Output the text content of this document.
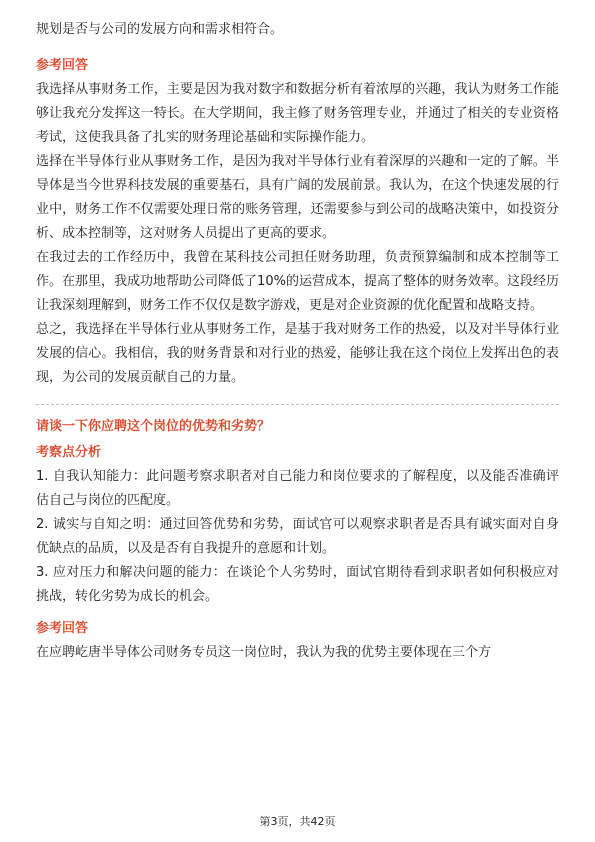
规划是否与公司的发展方向和需求相符合。

参考回答

我选择从事财务工作，主要是因为我对数字和数据分析有着浓厚的兴趣，我认为财务工作能够让我充分发挥这一特长。在大学期间，我主修了财务管理专业，并通过了相关的专业资格考试，这使我具备了扎实的财务理论基础和实际操作能力。

选择在半导体行业从事财务工作，是因为我对半导体行业有着深厚的兴趣和一定的了解。半导体是当今世界科技发展的重要基石，具有广阔的发展前景。我认为，在这个快速发展的行业中，财务工作不仅需要处理日常的账务管理，还需要参与到公司的战略决策中，如投资分析、成本控制等，这对财务人员提出了更高的要求。

在我过去的工作经历中，我曾在某科技公司担任财务助理，负责预算编制和成本控制等工作。在那里，我成功地帮助公司降低了10%的运营成本，提高了整体的财务效率。这段经历让我深刻理解到，财务工作不仅仅是数字游戏，更是对企业资源的优化配置和战略支持。

总之，我选择在半导体行业从事财务工作，是基于我对财务工作的热爱，以及对半导体行业发展的信心。我相信，我的财务背景和对行业的热爱，能够让我在这个岗位上发挥出色的表现，为公司的发展贡献自己的力量。

请谈一下你应聘这个岗位的优势和劣势？

考察点分析

1. 自我认知能力：此问题考察求职者对自己能力和岗位要求的了解程度，以及能否准确评估自己与岗位的匹配度。

2. 诚实与自知之明：通过回答优势和劣势，面试官可以观察求职者是否具有诚实面对自身优缺点的品质，以及是否有自我提升的意愿和计划。

3. 应对压力和解决问题的能力：在谈论个人劣势时，面试官期待看到求职者如何积极应对挑战，转化劣势为成长的机会。

参考回答

在应聘屹唐半导体公司财务专员这一岗位时，我认为我的优势主要体现在三个方

第3页，共42页
